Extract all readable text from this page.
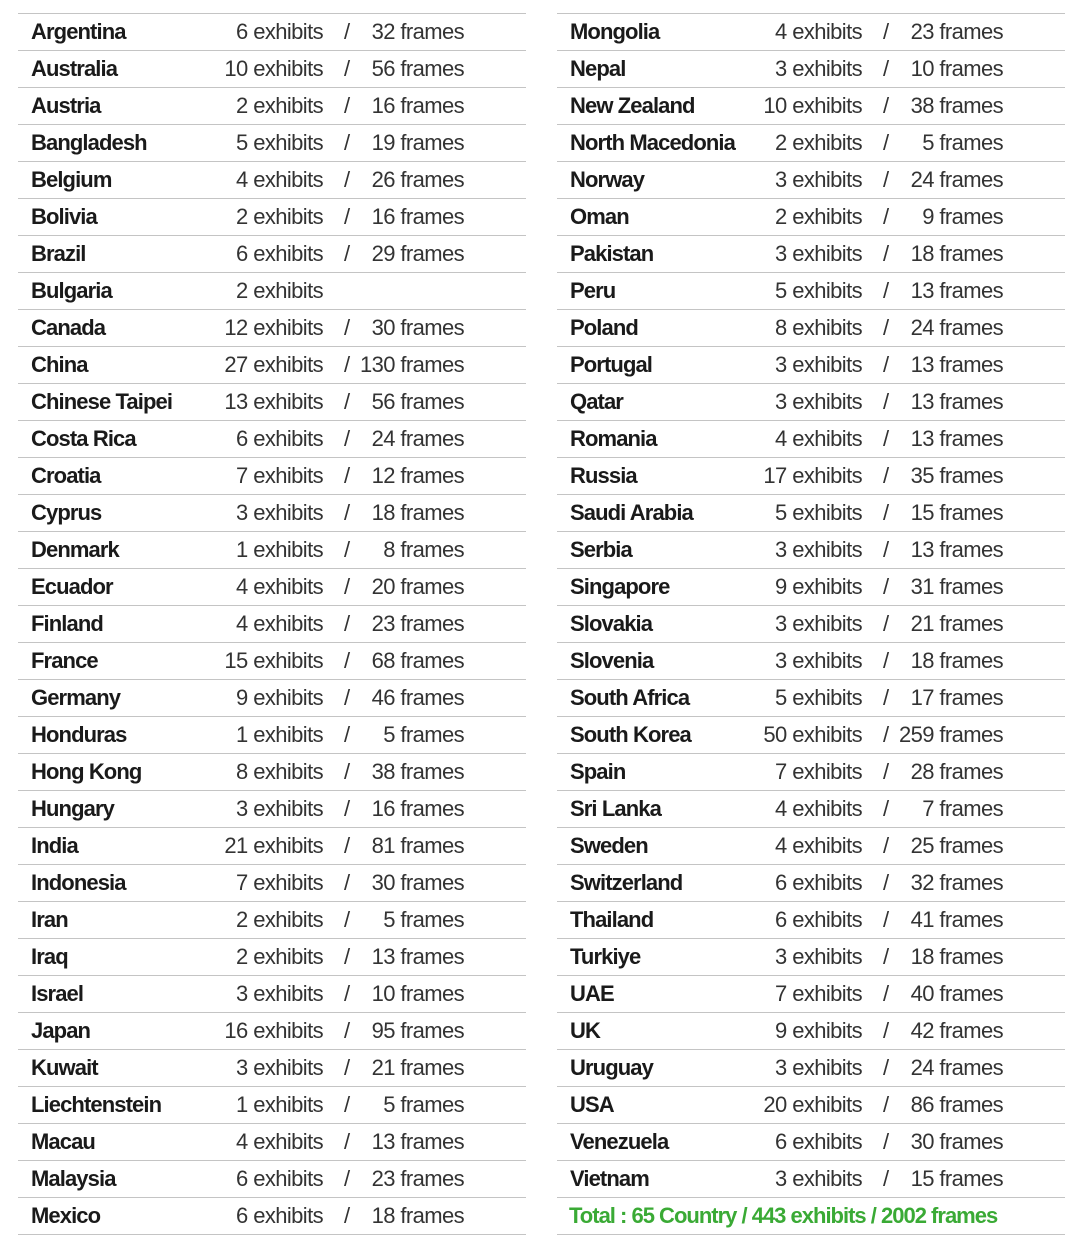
Argentina	6 exhibits / 32 frames
Australia	10 exhibits / 56 frames
Austria	2 exhibits / 16 frames
Bangladesh	5 exhibits / 19 frames
Belgium	4 exhibits / 26 frames
Bolivia	2 exhibits / 16 frames
Brazil	6 exhibits / 29 frames
Bulgaria	2 exhibits
Canada	12 exhibits / 30 frames
China	27 exhibits / 130 frames
Chinese Taipei 13 exhibits / 56 frames
Costa Rica	6 exhibits / 24 frames
Croatia	7 exhibits / 12 frames
Cyprus	3 exhibits / 18 frames
Denmark	1 exhibits / 8 frames
Ecuador	4 exhibits / 20 frames
Finland	4 exhibits / 23 frames
France	15 exhibits / 68 frames
Germany	9 exhibits / 46 frames
Honduras	1 exhibits / 5 frames
Hong Kong	8 exhibits / 38 frames
Hungary	3 exhibits / 16 frames
India	21 exhibits / 81 frames
Indonesia	7 exhibits / 30 frames
Iran	2 exhibits / 5 frames
Iraq	2 exhibits / 13 frames
Israel	3 exhibits / 10 frames
Japan	16 exhibits / 95 frames
Kuwait	3 exhibits / 21 frames
Liechtenstein	1 exhibits / 5 frames
Macau	4 exhibits / 13 frames
Malaysia	6 exhibits / 23 frames
Mexico	6 exhibits / 18 frames
Mongolia	4 exhibits / 23 frames
Nepal	3 exhibits / 10 frames
New Zealand	10 exhibits / 38 frames
North Macedonia 2 exhibits / 5 frames
Norway	3 exhibits / 24 frames
Oman	2 exhibits / 9 frames
Pakistan	3 exhibits / 18 frames
Peru	5 exhibits / 13 frames
Poland	8 exhibits / 24 frames
Portugal	3 exhibits / 13 frames
Qatar	3 exhibits / 13 frames
Romania	4 exhibits / 13 frames
Russia	17 exhibits / 35 frames
Saudi Arabia	5 exhibits / 15 frames
Serbia	3 exhibits / 13 frames
Singapore	9 exhibits / 31 frames
Slovakia	3 exhibits / 21 frames
Slovenia	3 exhibits / 18 frames
South Africa	5 exhibits / 17 frames
South Korea	50 exhibits / 259 frames
Spain	7 exhibits / 28 frames
Sri Lanka	4 exhibits / 7 frames
Sweden	4 exhibits / 25 frames
Switzerland	6 exhibits / 32 frames
Thailand	6 exhibits / 41 frames
Turkiye	3 exhibits / 18 frames
UAE	7 exhibits / 40 frames
UK	9 exhibits / 42 frames
Uruguay	3 exhibits / 24 frames
USA	20 exhibits / 86 frames
Venezuela	6 exhibits / 30 frames
Vietnam	3 exhibits / 15 frames
Total : 65 Country / 443 exhibits / 2002 frames
